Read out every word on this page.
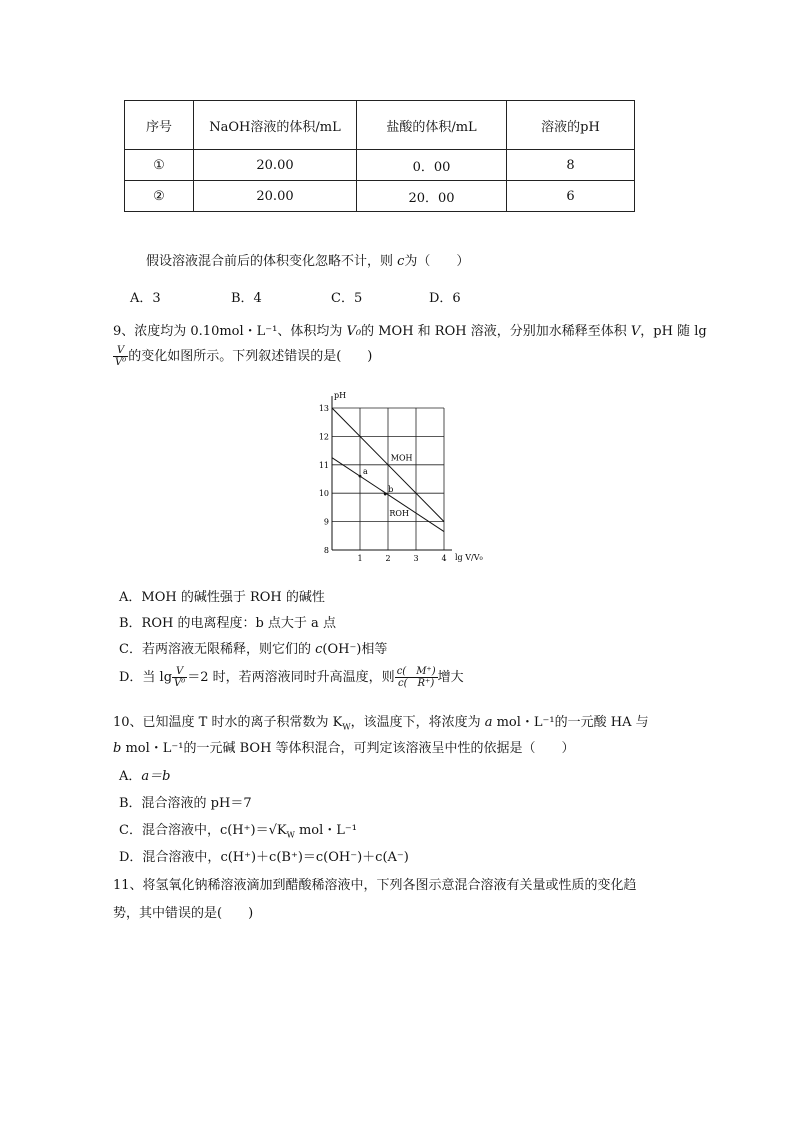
序号	NaOH溶液的体积/mL	盐酸的体积/mL	溶液的pH
①	20.00	0．00	8
②	20.00	20．00	6
假设溶液混合前后的体积变化忽略不计，则 c为（　　）
A．3	B．4	C．5	D．6
9、浓度均为 0.10mol・L⁻¹、体积均为 V₀的 MOH 和 ROH 溶液，分别加水稀释至体积 V，pH 随 lg
$\frac{V}{\text{V⁰}}$ 的变化如图所示。下列叙述错误的是(　　)
pH
lg V/V₀
1	2	3	4
8
9
10
11
12
13
MOH
ROH
a
b
A．MOH 的碱性强于 ROH 的碱性
B．ROH 的电离程度：b 点大于 a 点
C．若两溶液无限稀释，则它们的 c(OH⁻)相等
D．当 $\lg \frac{V}{\text{V⁰}} =2$ 时，若两溶液同时升高温度，则 $\frac{c( M^+)}{c( R^+)}$ 增大
10、已知温度 T 时水的离子积常数为 $K_W$，该温度下，将浓度为 a mol・L⁻¹的一元酸 HA 与
b mol・L⁻¹的一元碱 BOH 等体积混合，可判定该溶液呈中性的依据是（　　）
A．a＝b
B．混合溶液的 pH＝7
C．混合溶液中，$c(H^+)=√K_W$ mol・L⁻¹
D．混合溶液中，c(H⁺)＋c(B⁺)＝c(OH⁻)＋c(A⁻)
11、将氢氧化钠稀溶液滴加到醋酸稀溶液中，下列各图示意混合溶液有关量或性质的变化趋
势，其中错误的是(　　)
